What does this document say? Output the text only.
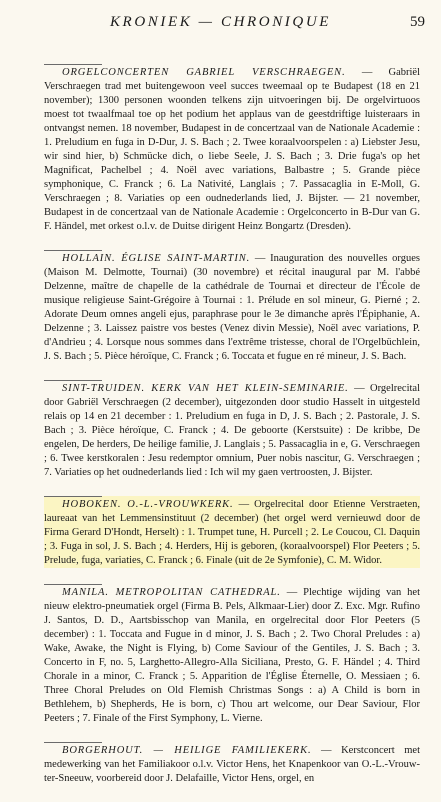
KRONIEK — CHRONIQUE	59

ORGELCONCERTEN GABRIEL VERSCHRAEGEN. — Gabriël Verschraegen trad met buitengewoon veel succes tweemaal op te Budapest (18 en 21 november); 1300 personen woonden telkens zijn uitvoeringen bij. De orgelvirtuoos moest tot twaalfmaal toe op het podium het applaus van de geestdriftige luisteraars in ontvangst nemen. 18 november, Budapest in de concertzaal van de Nationale Academie : 1. Preludium en fuga in D-Dur, J. S. Bach ; 2. Twee koraalvoorspelen : a) Liebster Jesu, wir sind hier, b) Schmücke dich, o liebe Seele, J. S. Bach ; 3. Drie fuga's op het Magnificat, Pachelbel ; 4. Noël avec variations, Balbastre ; 5. Grande pièce symphonique, C. Franck ; 6. La Nativité, Langlais ; 7. Passacaglia in E-Moll, G. Verschraegen ; 8. Variaties op een oudnederlands lied, J. Bijster. — 21 november, Budapest in de concertzaal van de Nationale Academie : Orgelconcerto in B-Dur van G. F. Händel, met orkest o.l.v. de Duitse dirigent Heinz Bongartz (Dresden).

HOLLAIN. ÉGLISE SAINT-MARTIN. — Inauguration des nouvelles orgues (Maison M. Delmotte, Tournai) (30 novembre) et récital inaugural par M. l'abbé Delzenne, maître de chapelle de la cathédrale de Tournai et directeur de l'École de musique religieuse Saint-Grégoire à Tournai : 1. Prélude en sol mineur, G. Pierné ; 2. Adorate Deum omnes angeli ejus, paraphrase pour le 3e dimanche après l'Épiphanie, A. Delzenne ; 3. Laissez paistre vos bestes (Venez divin Messie), Noël avec variations, P. d'Andrieu ; 4. Lorsque nous sommes dans l'extrême tristesse, choral de l'Orgelbüchlein, J. S. Bach ; 5. Pièce héroïque, C. Franck ; 6. Toccata et fugue en ré mineur, J. S. Bach.

SINT-TRUIDEN. KERK VAN HET KLEIN-SEMINARIE. — Orgelrecital door Gabriël Verschraegen (2 december), uitgezonden door studio Hasselt in uitgesteld relais op 14 en 21 december : 1. Preludium en fuga in D, J. S. Bach ; 2. Pastorale, J. S. Bach ; 3. Pièce héroïque, C. Franck ; 4. De geboorte (Kerstsuite) : De kribbe, De engelen, De herders, De heilige familie, J. Langlais ; 5. Passacaglia in e, G. Verschraegen ; 6. Twee kerstkoralen : Jesu redemptor omnium, Puer nobis nascitur, G. Verschraegen ; 7. Variaties op het oudnederlands lied : Ich wil my gaen vertroosten, J. Bijster.

HOBOKEN. O.-L.-VROUWKERK. — Orgelrecital door Etienne Verstraeten, laureaat van het Lemmensinstituut (2 december) (het orgel werd vernieuwd door de Firma Gerard D'Hondt, Herselt) : 1. Trumpet tune, H. Purcell ; 2. Le Coucou, Cl. Daquin ; 3. Fuga in sol, J. S. Bach ; 4. Herders, Hij is geboren, (koraalvoorspel) Flor Peeters ; 5. Prelude, fuga, variaties, C. Franck ; 6. Finale (uit de 2e Symfonie), C. M. Widor.

MANILA. METROPOLITAN CATHEDRAL. — Plechtige wijding van het nieuw elektro-pneumatiek orgel (Firma B. Pels, Alkmaar-Lier) door Z. Exc. Mgr. Rufino J. Santos, D. D., Aartsbisschop van Manila, en orgelrecital door Flor Peeters (5 december) : 1. Toccata and Fugue in d minor, J. S. Bach ; 2. Two Choral Preludes : a) Wake, Awake, the Night is Flying, b) Come Saviour of the Gentiles, J. S. Bach ; 3. Concerto in F, no. 5, Larghetto-Allegro-Alla Siciliana, Presto, G. F. Händel ; 4. Third Chorale in a minor, C. Franck ; 5. Apparition de l'Église Éternelle, O. Messiaen ; 6. Three Choral Preludes on Old Flemish Christmas Songs : a) A Child is born in Bethlehem, b) Shepherds, He is born, c) Thou art welcome, our Dear Saviour, Flor Peeters ; 7. Finale of the First Symphony, L. Vierne.

BORGERHOUT. — HEILIGE FAMILIEKERK. — Kerstconcert met medewerking van het Familiakoor o.l.v. Victor Hens, het Knapenkoor van O.-L.-Vrouw-ter-Sneeuw, voorbereid door J. Delafaille, Victor Hens, orgel, en
